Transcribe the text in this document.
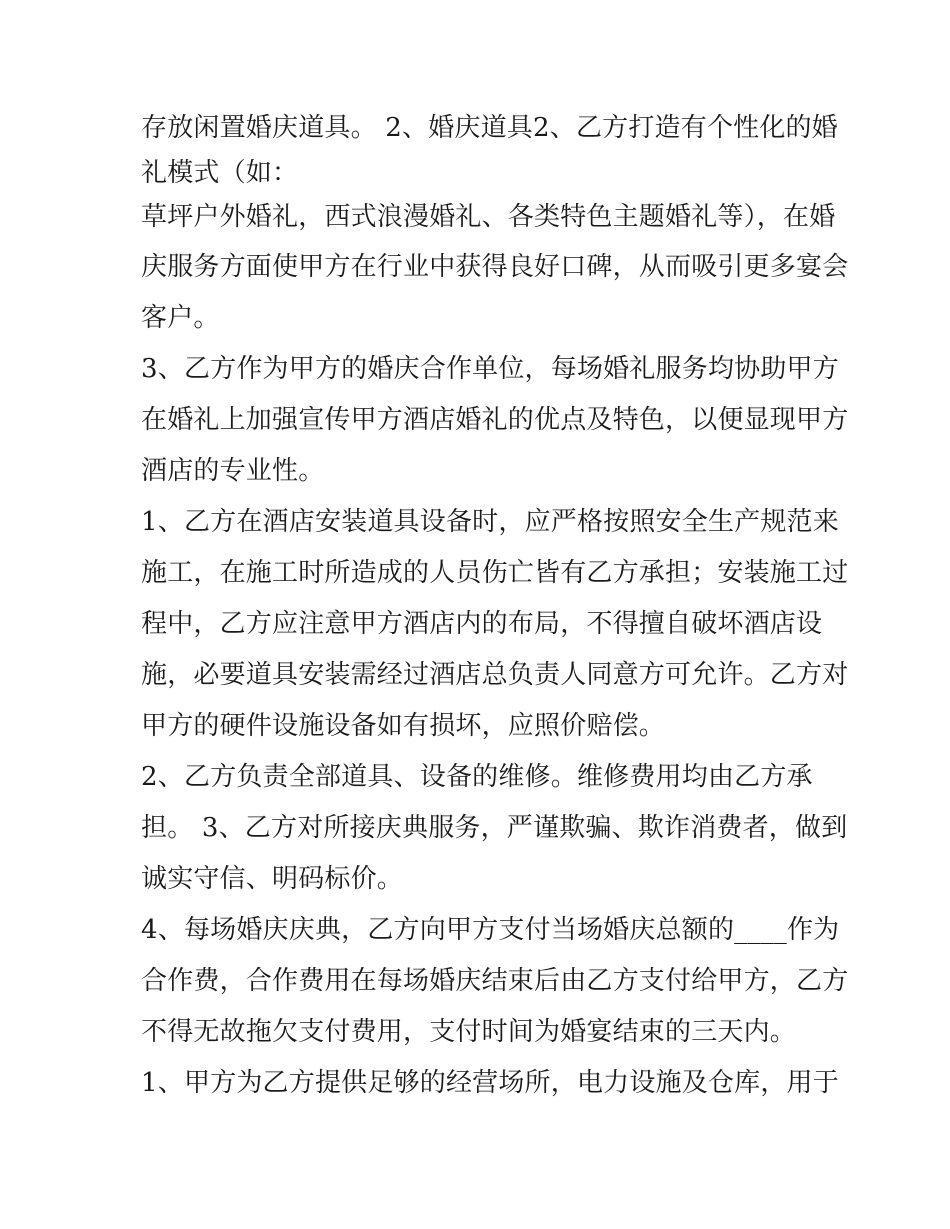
存放闲置婚庆道具。 2、婚庆道具2、乙方打造有个性化的婚
礼模式（如：
草坪户外婚礼，西式浪漫婚礼、各类特色主题婚礼等），在婚
庆服务方面使甲方在行业中获得良好口碑，从而吸引更多宴会
客户。
3、乙方作为甲方的婚庆合作单位，每场婚礼服务均协助甲方
在婚礼上加强宣传甲方酒店婚礼的优点及特色，以便显现甲方
酒店的专业性。
1、乙方在酒店安装道具设备时，应严格按照安全生产规范来
施工，在施工时所造成的人员伤亡皆有乙方承担；安装施工过
程中，乙方应注意甲方酒店内的布局，不得擅自破坏酒店设
施，必要道具安装需经过酒店总负责人同意方可允许。乙方对
甲方的硬件设施设备如有损坏，应照价赔偿。
2、乙方负责全部道具、设备的维修。维修费用均由乙方承
担。 3、乙方对所接庆典服务，严谨欺骗、欺诈消费者，做到
诚实守信、明码标价。
4、每场婚庆庆典，乙方向甲方支付当场婚庆总额的____作为
合作费，合作费用在每场婚庆结束后由乙方支付给甲方，乙方
不得无故拖欠支付费用，支付时间为婚宴结束的三天内。
1、甲方为乙方提供足够的经营场所，电力设施及仓库，用于
